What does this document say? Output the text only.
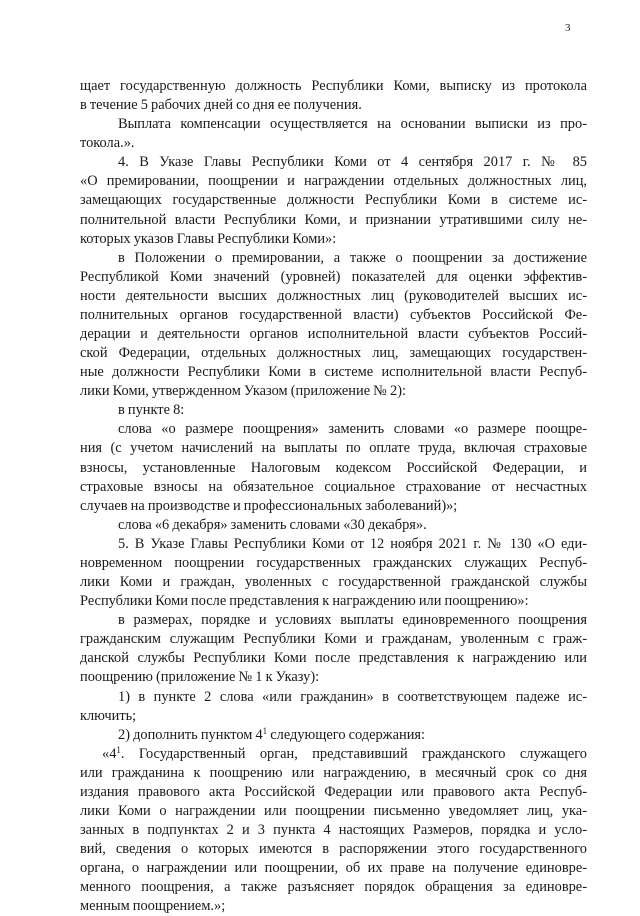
3
щает государственную должность Республики Коми, выписку из протокола
в течение 5 рабочих дней со дня ее получения.
Выплата компенсации осуществляется на основании выписки из про-
токола.».
4. В Указе Главы Республики Коми от 4 сентября 2017 г. № 85
«О премировании, поощрении и награждении отдельных должностных лиц,
замещающих государственные должности Республики Коми в системе ис-
полнительной власти Республики Коми, и признании утратившими силу не-
которых указов Главы Республики Коми»:
в Положении о премировании, а также о поощрении за достижение
Республикой Коми значений (уровней) показателей для оценки эффектив-
ности деятельности высших должностных лиц (руководителей высших ис-
полнительных органов государственной власти) субъектов Российской Фе-
дерации и деятельности органов исполнительной власти субъектов Россий-
ской Федерации, отдельных должностных лиц, замещающих государствен-
ные должности Республики Коми в системе исполнительной власти Респуб-
лики Коми, утвержденном Указом (приложение № 2):
в пункте 8:
слова «о размере поощрения» заменить словами «о размере поощре-
ния (с учетом начислений на выплаты по оплате труда, включая страховые
взносы, установленные Налоговым кодексом Российской Федерации, и
страховые взносы на обязательное социальное страхование от несчастных
случаев на производстве и профессиональных заболеваний)»;
слова «6 декабря» заменить словами «30 декабря».
5. В Указе Главы Республики Коми от 12 ноября 2021 г. № 130 «О еди-
новременном поощрении государственных гражданских служащих Респуб-
лики Коми и граждан, уволенных с государственной гражданской службы
Республики Коми после представления к награждению или поощрению»:
в размерах, порядке и условиях выплаты единовременного поощрения
гражданским служащим Республики Коми и гражданам, уволенным с граж-
данской службы Республики Коми после представления к награждению или
поощрению (приложение № 1 к Указу):
1) в пункте 2 слова «или гражданин» в соответствующем падеже ис-
ключить;
2) дополнить пунктом $4^1$ следующего содержания:
«$4^1$. Государственный орган, представивший гражданского служащего
или гражданина к поощрению или награждению, в месячный срок со дня
издания правового акта Российской Федерации или правового акта Респуб-
лики Коми о награждении или поощрении письменно уведомляет лиц, ука-
занных в подпунктах 2 и 3 пункта 4 настоящих Размеров, порядка и усло-
вий, сведения о которых имеются в распоряжении этого государственного
органа, о награждении или поощрении, об их праве на получение единовре-
менного поощрения, а также разъясняет порядок обращения за единовре-
менным поощрением.»;
